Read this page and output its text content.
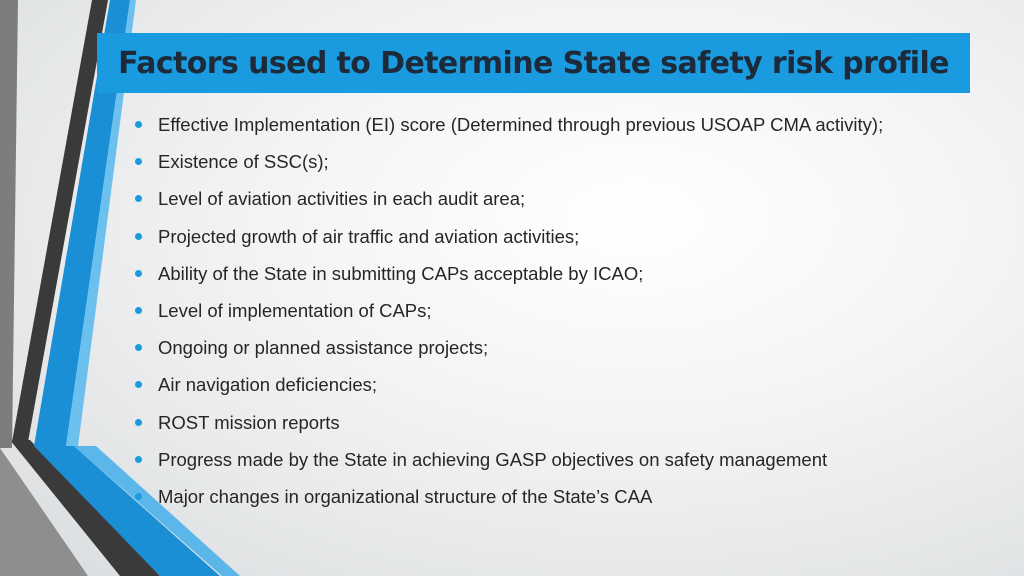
Factors used to Determine State safety risk profile
Effective Implementation (EI) score (Determined through previous USOAP CMA activity);
Existence of SSC(s);
Level of aviation activities in each audit area;
Projected growth of air traffic and aviation activities;
Ability of the State in submitting CAPs acceptable by ICAO;
Level of implementation of CAPs;
Ongoing or planned assistance projects;
Air navigation deficiencies;
ROST mission reports
Progress made by the State in achieving GASP objectives on safety management
Major changes in organizational structure of the State’s CAA
